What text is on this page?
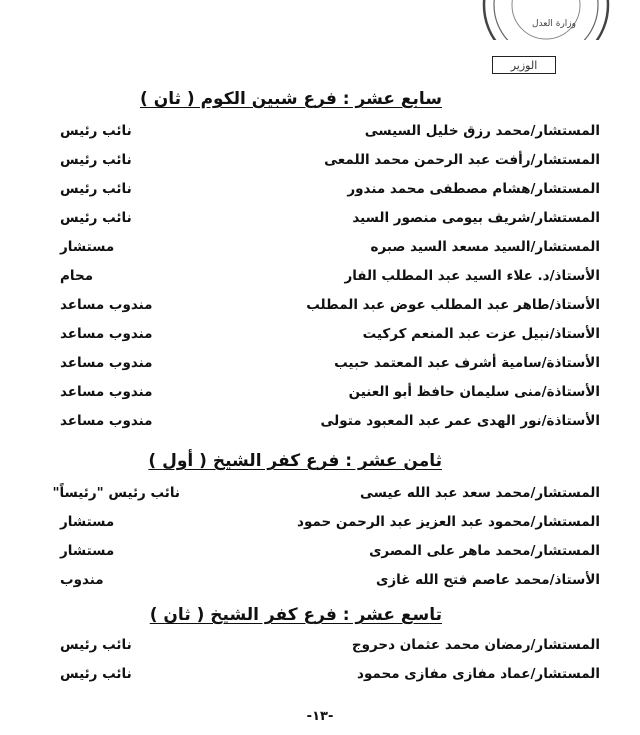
وزارة العدل
الوزير
سابع عشر : فرع شبين الكوم ( ثان )
المستشار/محمد رزق خليل السيسى
نائب رئيس
المستشار/رأفت عبد الرحمن محمد اللمعى
نائب رئيس
المستشار/هشام مصطفى محمد مندور
نائب رئيس
المستشار/شريف بيومى منصور السيد
نائب رئيس
المستشار/السيد مسعد السيد صبره
مستشار
الأستاذ/د. علاء السيد عبد المطلب الفار
محام
الأستاذ/طاهر عبد المطلب عوض عبد المطلب
مندوب مساعد
الأستاذ/نبيل عزت عبد المنعم كركيت
مندوب مساعد
الأستاذة/سامية أشرف عبد المعتمد حبيب
مندوب مساعد
الأستاذة/منى سليمان حافظ أبو العنين
مندوب مساعد
الأستاذة/نور الهدى عمر عبد المعبود متولى
مندوب مساعد
ثامن عشر : فرع كفر الشيخ ( أول )
المستشار/محمد سعد عبد الله عيسى
نائب رئيس "رئيساً"
المستشار/محمود عبد العزيز عبد الرحمن حمود
مستشار
المستشار/محمد ماهر على المصرى
مستشار
الأستاذ/محمد عاصم فتح الله غازى
مندوب
تاسع عشر : فرع كفر الشيخ ( ثان )
المستشار/رمضان محمد عثمان دحروج
نائب رئيس
المستشار/عماد مفازى مفازى محمود
نائب رئيس
-١٣-
